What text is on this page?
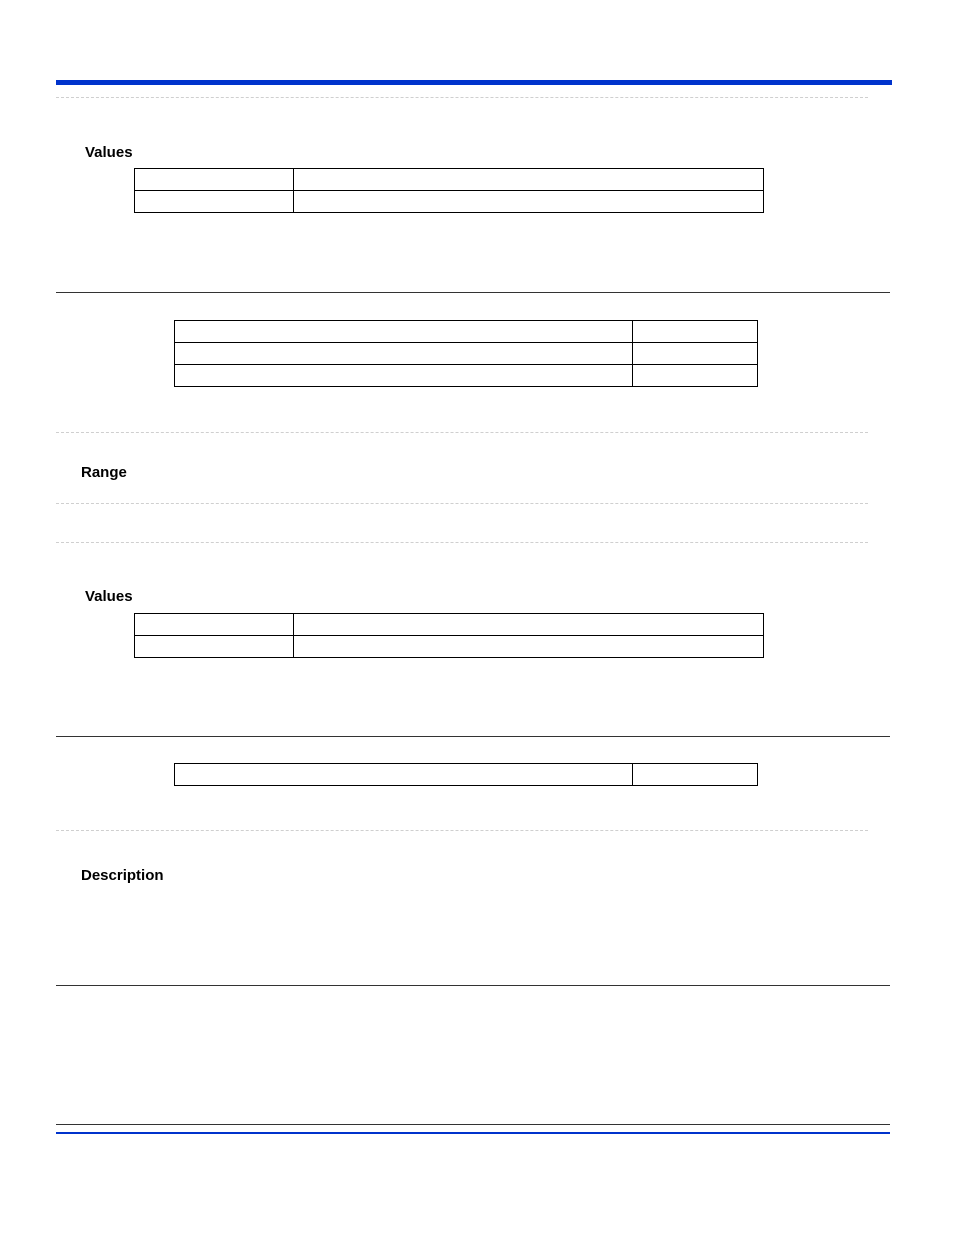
Values

Range
Values

Description
